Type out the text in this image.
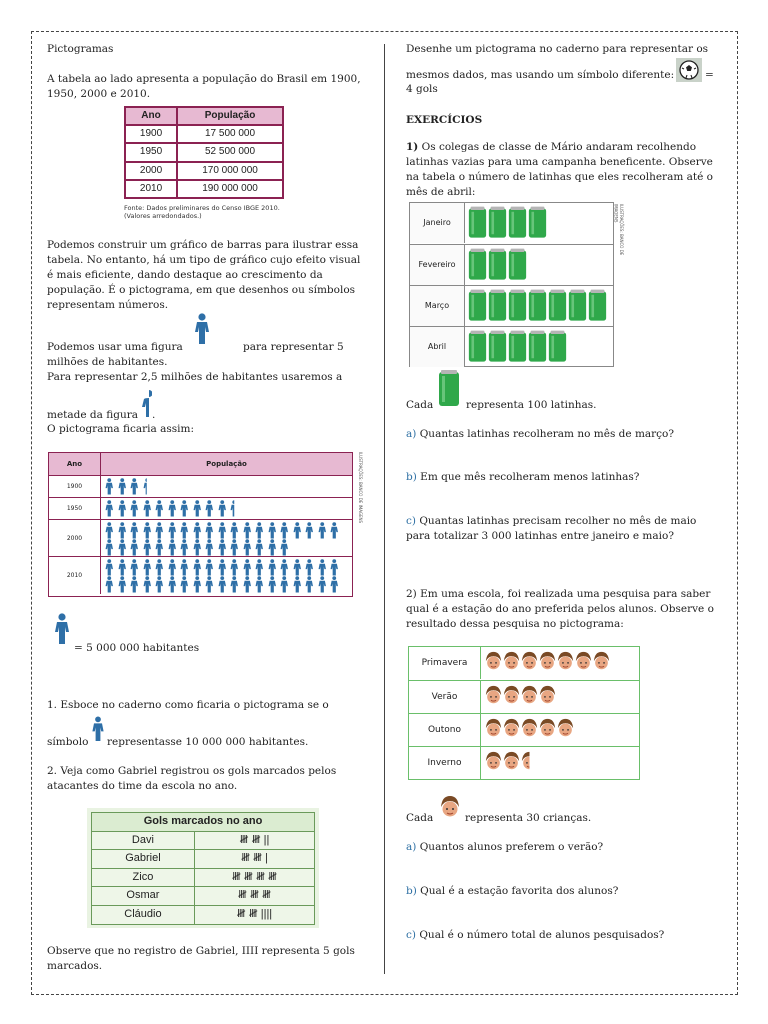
Pictogramas

A tabela ao lado apresenta a população do Brasil em 1900, 1950, 2000 e 2010.

Ano	População
1900	17 500 000
1950	52 500 000
2000	170 000 000
2010	190 000 000
Fonte: Dados preliminares do Censo IBGE 2010. (Valores arredondados.)

Podemos construir um gráfico de barras para ilustrar essa tabela. No entanto, há um tipo de gráfico cujo efeito visual é mais eficiente, dando destaque ao crescimento da população. É o pictograma, em que desenhos ou símbolos representam números.

Podemos usar uma figura	para representar 5 milhões de habitantes.

Para representar 2,5 milhões de habitantes usaremos a

metade da figura .

O pictograma ficaria assim:

Ano	População
1900
1950
2000
2010
ILUSTRAÇÕES: BANCO DE IMAGENS
= 5 000 000 habitantes

1. Esboce no caderno como ficaria o pictograma se o

símbolo representasse 10 000 000 habitantes.

2. Veja como Gabriel registrou os gols marcados pelos atacantes do time da escola no ano.

Gols marcados no ano	
Davi	𝍸 𝍸 ||
Gabriel	𝍸 𝍸 |
Zico	𝍸 𝍸 𝍸 𝍸
Osmar	𝍸 𝍸 𝍸
Cláudio	𝍸 𝍸 ||||

Observe que no registro de Gabriel, IIII representa 5 gols marcados.

Desenhe um pictograma no caderno para representar os

mesmos dados, mas usando um símbolo diferente:	=
4 gols
EXERCÍCIOS

1) Os colegas de classe de Mário andaram recolhendo latinhas vazias para uma campanha beneficente. Observe na tabela o número de latinhas que eles recolheram até o mês de abril:

Janeiro
Fevereiro
Março
Abril
ILUSTRAÇÕES: BANCO DE IMAGENS
Cada	representa 100 latinhas.

a) Quantas latinhas recolheram no mês de março?

b) Em que mês recolheram menos latinhas?

c) Quantas latinhas precisam recolher no mês de maio para totalizar 3 000 latinhas entre janeiro e maio?

2) Em uma escola, foi realizada uma pesquisa para saber qual é a estação do ano preferida pelos alunos. Observe o resultado dessa pesquisa no pictograma:

Primavera
Verão
Outono
Inverno
Cada	representa 30 crianças.

a) Quantos alunos preferem o verão?

b) Qual é a estação favorita dos alunos?

c) Qual é o número total de alunos pesquisados?
